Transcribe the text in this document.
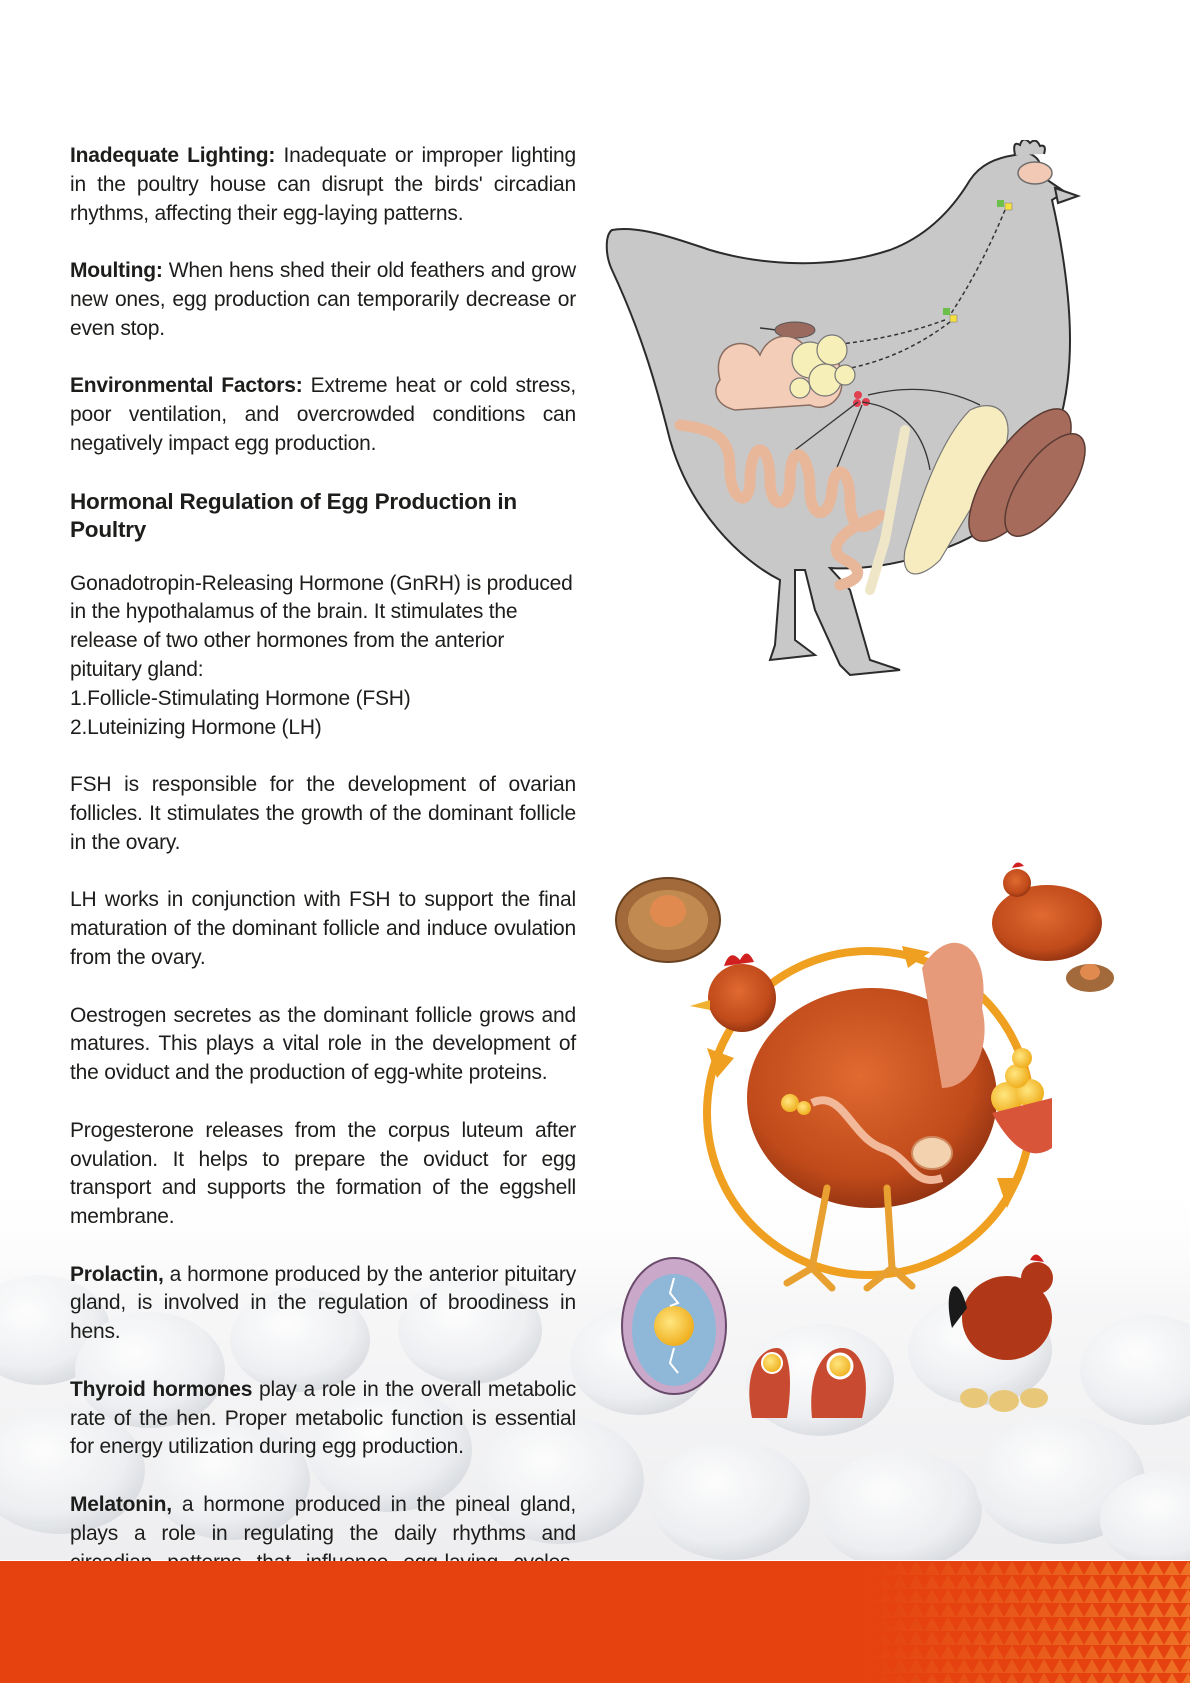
Inadequate Lighting: Inadequate or improper lighting in the poultry house can disrupt the birds' circadian rhythms, affecting their egg-laying patterns.

Moulting: When hens shed their old feathers and grow new ones, egg production can temporarily decrease or even stop.

Environmental Factors: Extreme heat or cold stress, poor ventilation, and overcrowded conditions can negatively impact egg production.

Hormonal Regulation of Egg Production in Poultry

Gonadotropin-Releasing Hormone (GnRH) is produced in the hypothalamus of the brain. It stimulates the release of two other hormones from the anterior pituitary gland:
1.Follicle-Stimulating Hormone (FSH)
2.Luteinizing Hormone (LH)

FSH is responsible for the development of ovarian follicles. It stimulates the growth of the dominant follicle in the ovary.

LH works in conjunction with FSH to support the final maturation of the dominant follicle and induce ovulation from the ovary.

Oestrogen secretes as the dominant follicle grows and matures. This plays a vital role in the development of the oviduct and the production of egg-white proteins.

Progesterone releases from the corpus luteum after ovulation. It helps to prepare the oviduct for egg transport and supports the formation of the eggshell membrane.

Prolactin, a hormone produced by the anterior pituitary gland, is involved in the regulation of broodiness in hens.

Thyroid hormones play a role in the overall metabolic rate of the hen. Proper metabolic function is essential for energy utilization during egg production.

Melatonin, a hormone produced in the pineal gland, plays a role in regulating the daily rhythms and
